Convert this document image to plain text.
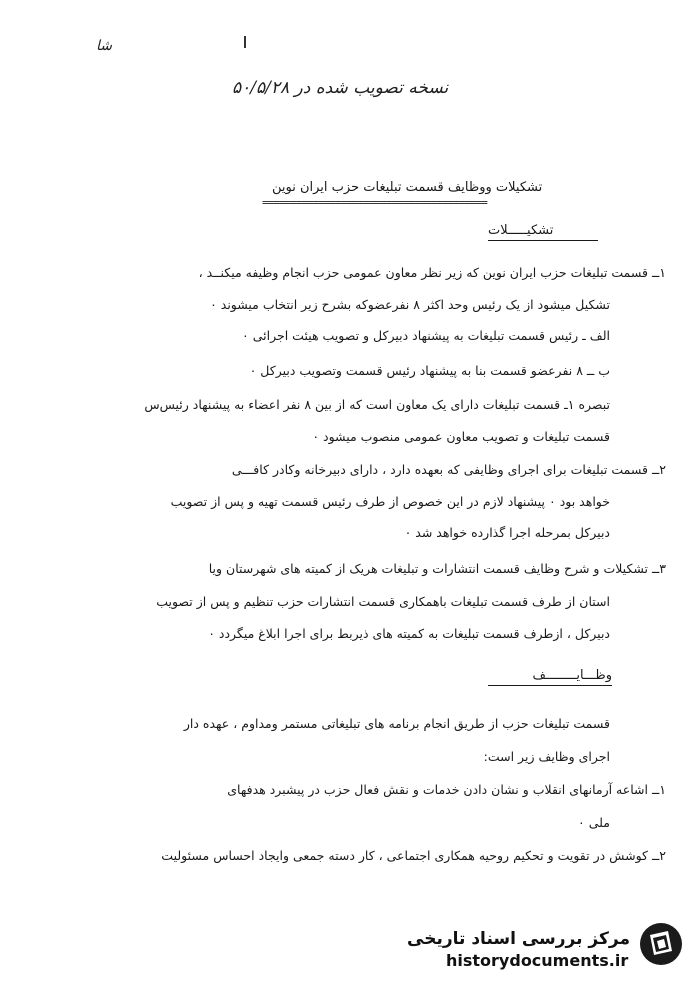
شا
نسخه تصویب شده در ۵۰/۵/۲۸
تشکیلات ووظایف قسمت تبلیغات حزب ایران نوین
========================================
تشکیـــــلات
۱ــ قسمت تبلیغات حزب ایران نوین که زیر نظر معاون عمومی حزب انجام وظیفه میکنــد ،
تشکیل میشود از یک رئیس وحد اکثر ۸ نفرعضوکه بشرح زیر انتخاب میشوند ۰
الف ـ رئیس قسمت تبلیغات به پیشنهاد دبیرکل و تصویب هیئت اجرائی ۰
ب ــ ۸ نفرعضو قسمت بنا به پیشنهاد رئیس قسمت وتصویب دبیرکل ۰
تبصره ۱ـ قسمت تبلیغات دارای یک معاون است که از بین ۸ نفر اعضاء به پیشنهاد رئیس‌س
قسمت تبلیغات و تصویب معاون عمومی منصوب میشود ۰
۲ــ قسمت تبلیغات برای اجرای وظایفی که بعهده دارد ، دارای دبیرخانه وکادر کافـــی
خواهد بود ۰ پیشنهاد لازم در این خصوص از طرف رئیس قسمت تهیه و پس از تصویب
دبیرکل بمرحله اجرا گذارده خواهد شد ۰
۳ــ تشکیلات و شرح وظایف قسمت انتشارات و تبلیغات هریک از کمیته های شهرستان ویا
استان از طرف قسمت تبلیغات باهمکاری قسمت انتشارات حزب تنظیم و پس از تصویب
دبیرکل ، ازطرف قسمت تبلیغات به کمیته های ذیربط برای اجرا ابلاغ میگردد ۰
وظـــایــــــــف
قسمت تبلیغات حزب از طریق انجام برنامه های تبلیغاتی مستمر ومداوم ، عهده دار
اجرای وظایف زیر است:
۱ــ اشاعه آرمانهای انقلاب و نشان دادن خدمات و نقش فعال حزب در پیشبرد هدفهای
ملی ۰
۲ــ کوشش در تقویت و تحکیم روحیه همکاری اجتماعی ، کار دسته جمعی وایجاد احساس مسئولیت
مرکز بررسی اسناد تاریخی
historydocuments.ir
